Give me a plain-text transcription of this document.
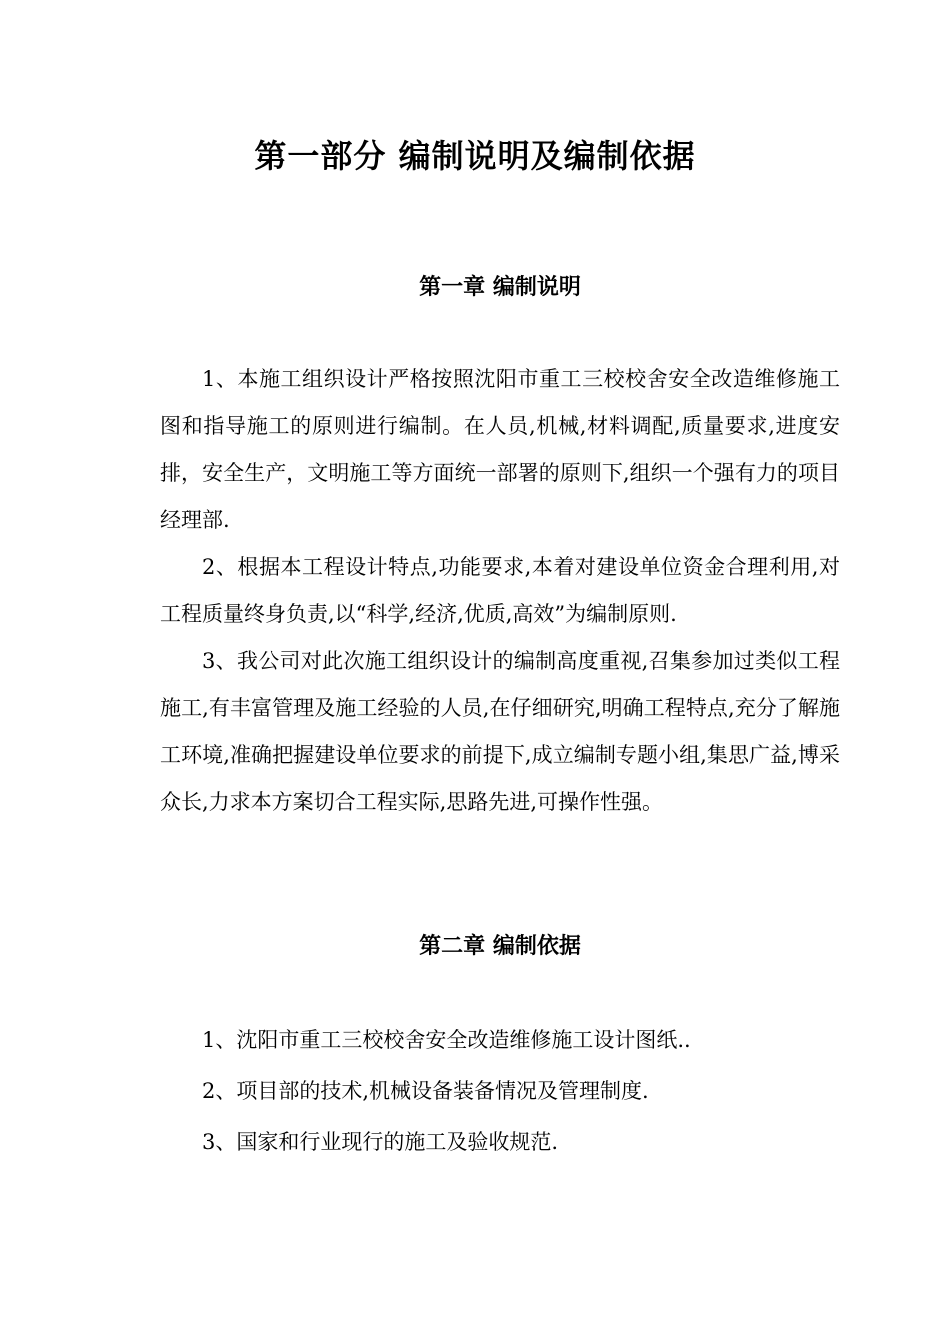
第一部分 编制说明及编制依据
第一章 编制说明

1、本施工组织设计严格按照沈阳市重工三校校舍安全改造维修施工图和指导施工的原则进行编制。在人员,机械,材料调配,质量要求,进度安排，安全生产，文明施工等方面统一部署的原则下,组织一个强有力的项目经理部.

2、根据本工程设计特点,功能要求,本着对建设单位资金合理利用,对工程质量终身负责,以“科学,经济,优质,高效”为编制原则.

3、我公司对此次施工组织设计的编制高度重视,召集参加过类似工程施工,有丰富管理及施工经验的人员,在仔细研究,明确工程特点,充分了解施工环境,准确把握建设单位要求的前提下,成立编制专题小组,集思广益,博采众长,力求本方案切合工程实际,思路先进,可操作性强。

第二章 编制依据

1、沈阳市重工三校校舍安全改造维修施工设计图纸..

2、项目部的技术,机械设备装备情况及管理制度.

3、国家和行业现行的施工及验收规范.
